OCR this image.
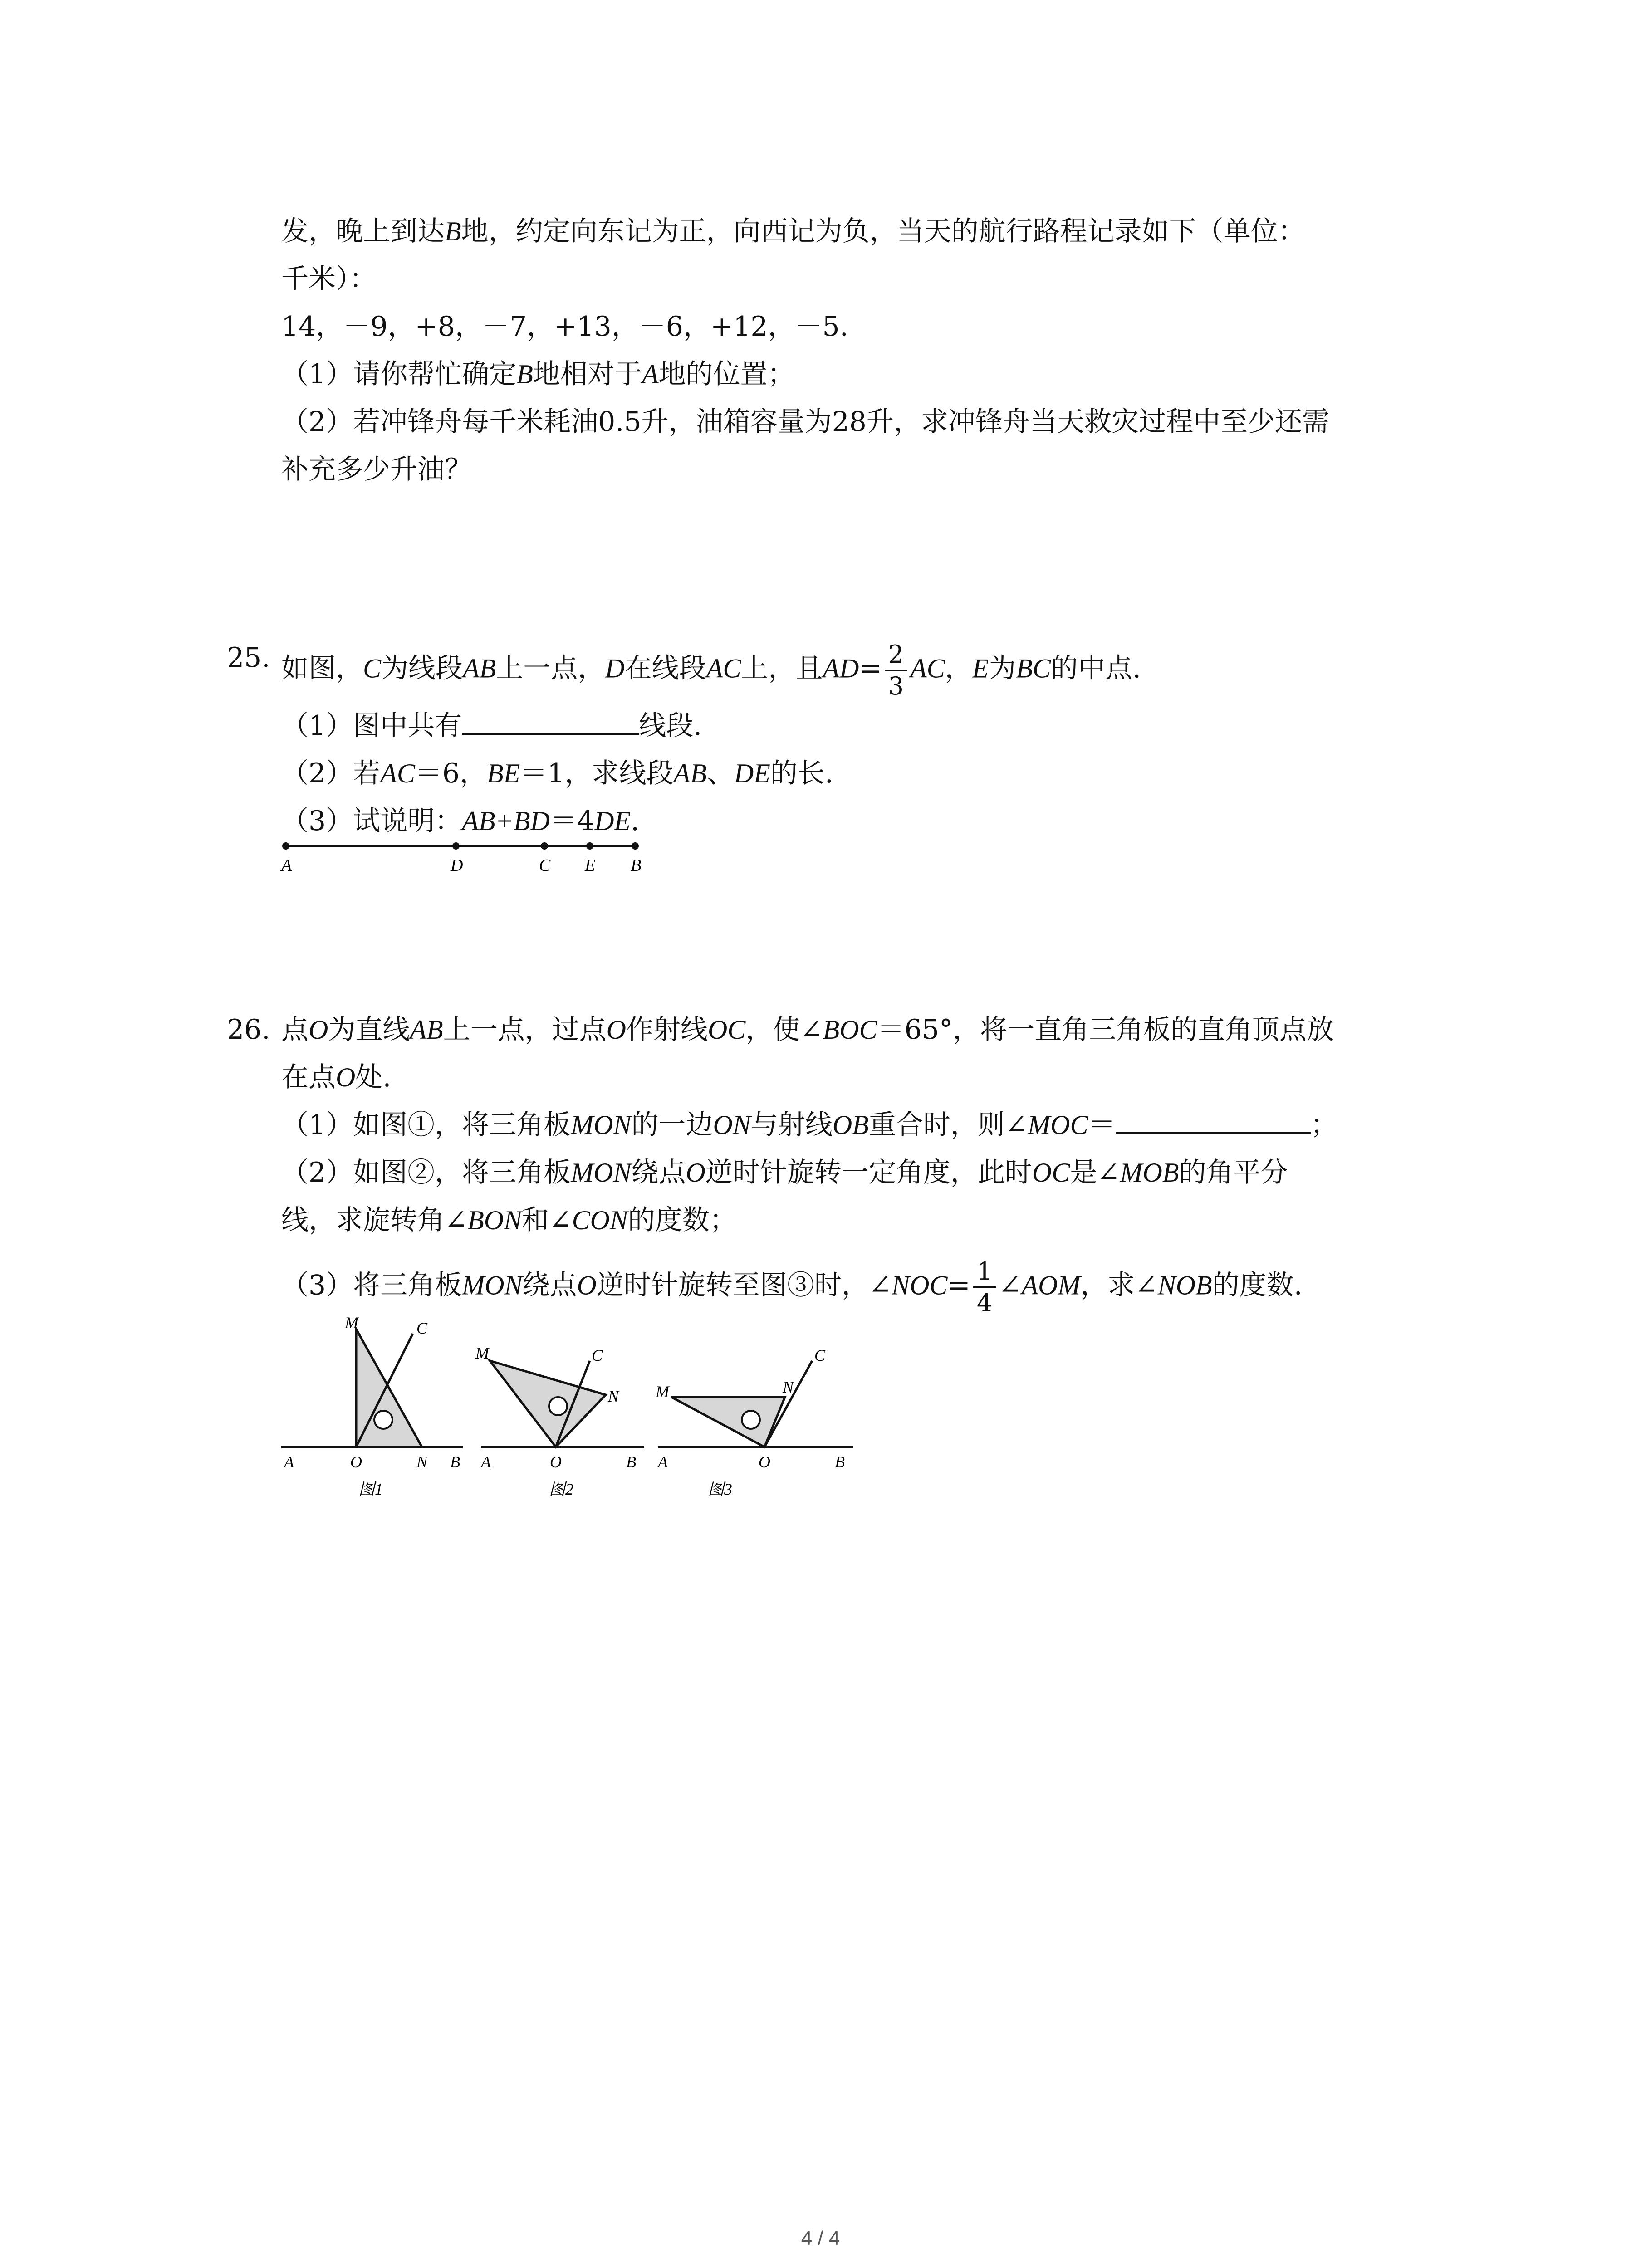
发，晚上到达B地，约定向东记为正，向西记为负，当天的航行路程记录如下（单位：
千米）：
14，－9，+8，－7，+13，－6，+12，－5.
（1）请你帮忙确定B地相对于A地的位置；
（2）若冲锋舟每千米耗油0.5升，油箱容量为28升，求冲锋舟当天救灾过程中至少还需
补充多少升油？
25. 如图，C为线段AB上一点，D在线段AC上，且$AD= \frac{2}{3}$ AC，E为BC的中点.
（1）图中共有	线段.
（2）若AC＝6，BE＝1，求线段AB、DE的长.
（3）试说明：AB+BD＝4DE.
A	D	C E B
26. 点O为直线AB上一点，过点O作射线OC，使∠BOC＝65°，将一直角三角板的直角顶点放
在点O处.
（1）如图①，将三角板MON的一边ON与射线OB重合时，则∠MOC＝	；
（2）如图②，将三角板MON绕点O逆时针旋转一定角度，此时OC是∠MOB的角平分
线，求旋转角∠BON和∠CON的度数；
（3）将三角板MON绕点O逆时针旋转至图③时，∠NOC= $\frac{1}{4}$ ∠AOM，求∠NOB的度数.
A	O	N B
M	C
图1
A	O
N
B
M	C
图2
A	O
N
B
M
C
图3
4 / 4
